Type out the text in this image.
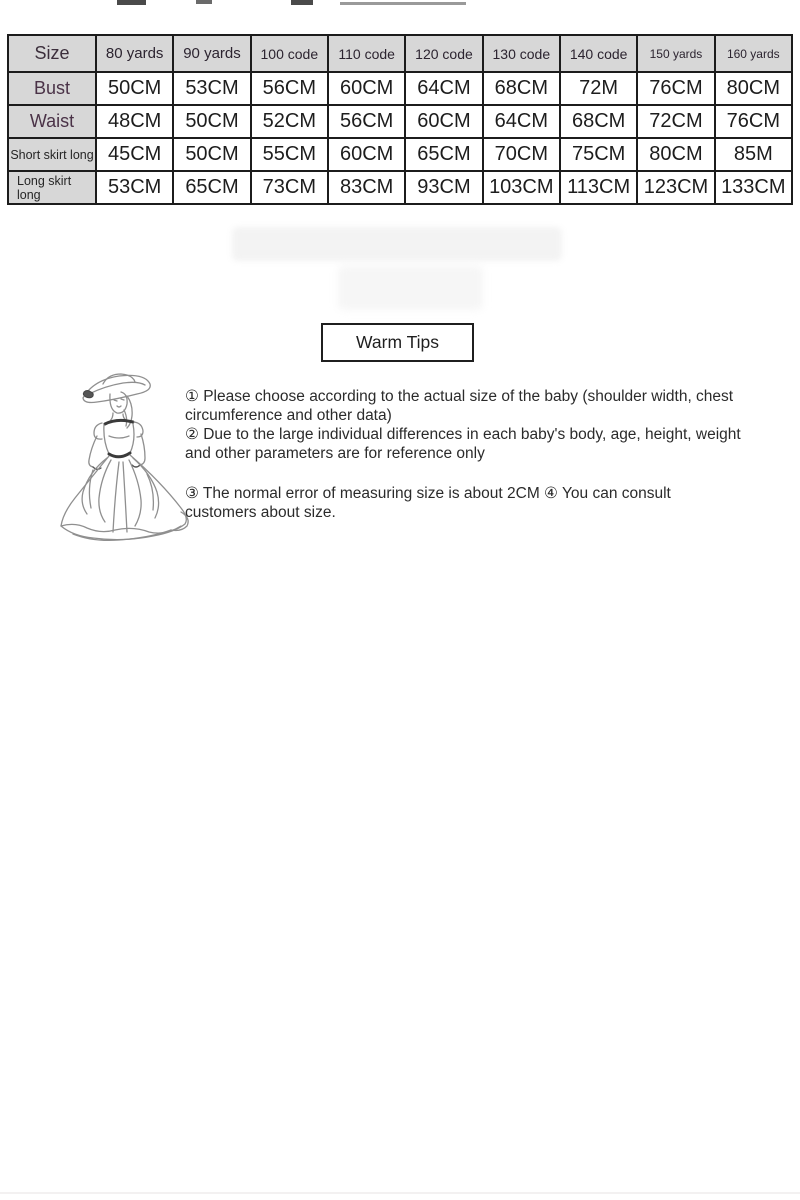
Size	80 yards	90 yards	100 code	110 code	120 code	130 code	140 code	150 yards	160 yards
Bust	50CM	53CM	56CM	60CM	64CM	68CM	72M	76CM	80CM
Waist	48CM	50CM	52CM	56CM	60CM	64CM	68CM	72CM	76CM
Short skirt long	45CM	50CM	55CM	60CM	65CM	70CM	75CM	80CM	85M
Long skirt long	53CM	65CM	73CM	83CM	93CM	103CM	113CM	123CM	133CM
Warm Tips

① Please choose according to the actual size of the baby (shoulder width, chest circumference and other data)

② Due to the large individual differences in each baby's body, age, height, weight and other parameters are for reference only

③ The normal error of measuring size is about 2CM ④ You can consult customers about size.
